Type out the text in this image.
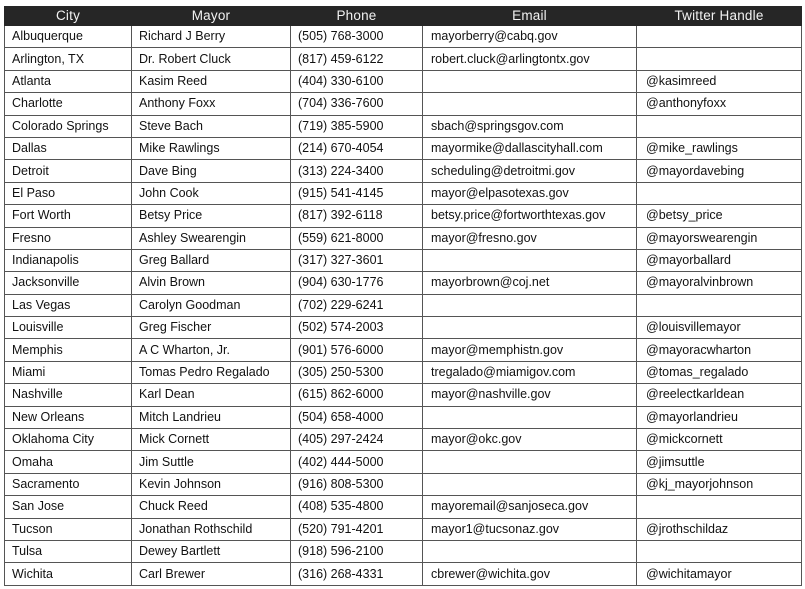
City	Mayor	Phone	Email	Twitter Handle
Albuquerque	Richard J Berry	(505) 768-3000	mayorberry@cabq.gov	
Arlington, TX	Dr. Robert Cluck	(817) 459-6122	robert.cluck@arlingtontx.gov	
Atlanta	Kasim Reed	(404) 330-6100		@kasimreed
Charlotte	Anthony Foxx	(704) 336-7600		@anthonyfoxx
Colorado Springs	Steve Bach	(719) 385-5900	sbach@springsgov.com	
Dallas	Mike Rawlings	(214) 670-4054	mayormike@dallascityhall.com	@mike_rawlings
Detroit	Dave Bing	(313) 224-3400	scheduling@detroitmi.gov	@mayordavebing
El Paso	John Cook	(915) 541-4145	mayor@elpasotexas.gov	
Fort Worth	Betsy Price	(817) 392-6118	betsy.price@fortworthtexas.gov	@betsy_price
Fresno	Ashley Swearengin	(559) 621-8000	mayor@fresno.gov	@mayorswearengin
Indianapolis	Greg Ballard	(317) 327-3601		@mayorballard
Jacksonville	Alvin Brown	(904) 630-1776	mayorbrown@coj.net	@mayoralvinbrown
Las Vegas	Carolyn Goodman	(702) 229-6241		
Louisville	Greg Fischer	(502) 574-2003		@louisvillemayor
Memphis	A C Wharton, Jr.	(901) 576-6000	mayor@memphistn.gov	@mayoracwharton
Miami	Tomas Pedro Regalado	(305) 250-5300	tregalado@miamigov.com	@tomas_regalado
Nashville	Karl Dean	(615) 862-6000	mayor@nashville.gov	@reelectkarldean
New Orleans	Mitch Landrieu	(504) 658-4000		@mayorlandrieu
Oklahoma City	Mick Cornett	(405) 297-2424	mayor@okc.gov	@mickcornett
Omaha	Jim Suttle	(402) 444-5000		@jimsuttle
Sacramento	Kevin Johnson	(916) 808-5300		@kj_mayorjohnson
San Jose	Chuck Reed	(408) 535-4800	mayoremail@sanjoseca.gov	
Tucson	Jonathan Rothschild	(520) 791-4201	mayor1@tucsonaz.gov	@jrothschildaz
Tulsa	Dewey Bartlett	(918) 596-2100		
Wichita	Carl Brewer	(316) 268-4331	cbrewer@wichita.gov	@wichitamayor
